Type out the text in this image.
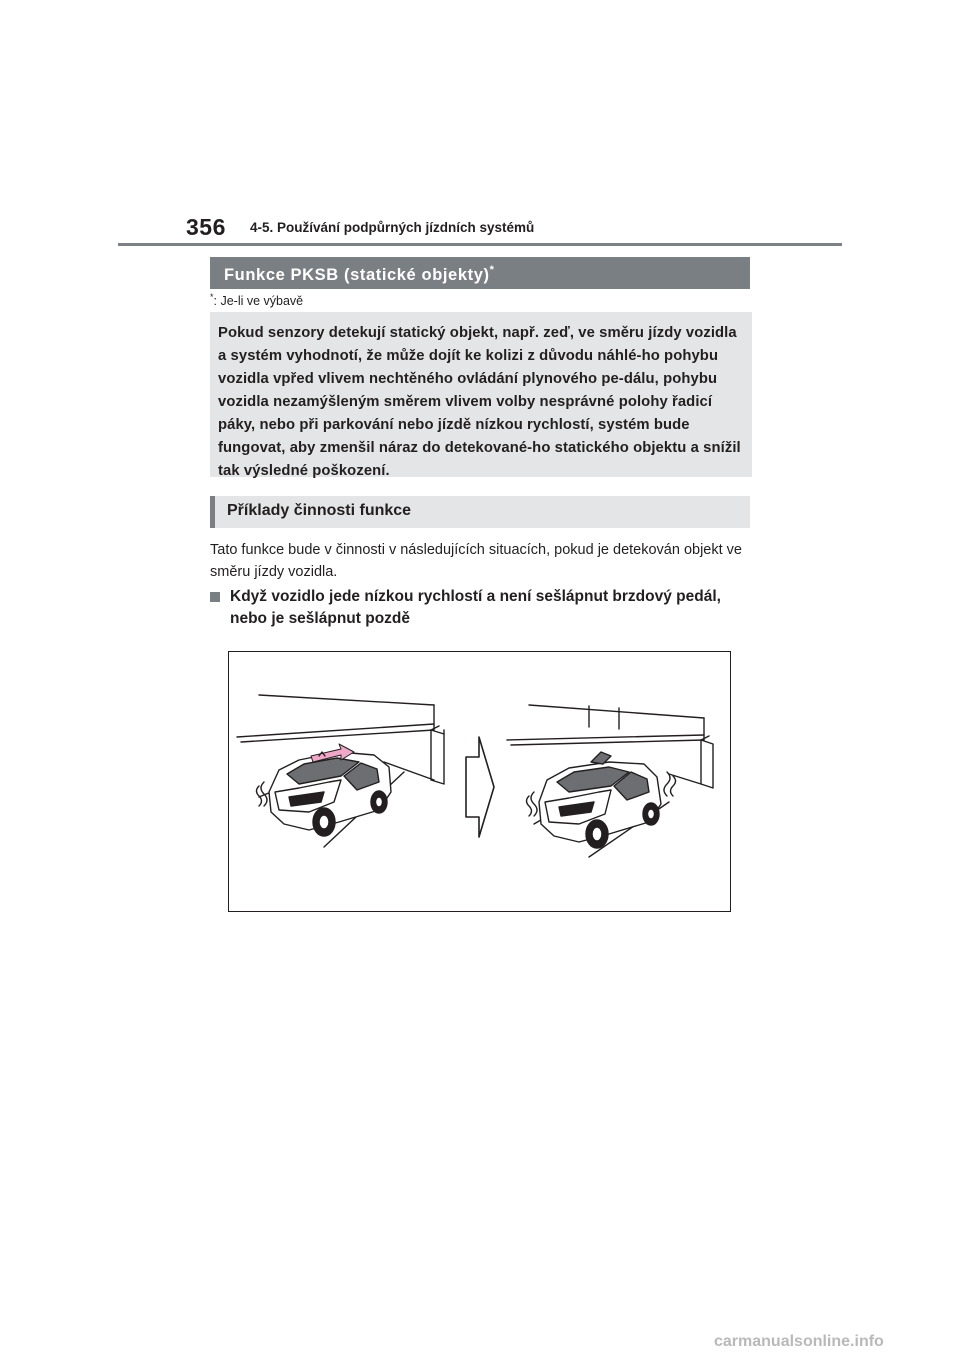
356 4-5. Používání podpůrných jízdních systémů
Funkce PKSB (statické objekty)*
*: Je-li ve výbavě
Pokud senzory detekují statický objekt, např. zeď, ve směru jízdy vozidla a systém vyhodnotí, že může dojít ke kolizi z důvodu náhlé-ho pohybu vozidla vpřed vlivem nechtěného ovládání plynového pe-dálu, pohybu vozidla nezamýšleným směrem vlivem volby nesprávné polohy řadicí páky, nebo při parkování nebo jízdě nízkou rychlostí, systém bude fungovat, aby zmenšil náraz do detekované-ho statického objektu a snížil tak výsledné poškození.
Příklady činnosti funkce
Tato funkce bude v činnosti v následujících situacích, pokud je detekován objekt ve směru jízdy vozidla.
Když vozidlo jede nízkou rychlostí a není sešlápnut brzdový pedál, nebo je sešlápnut pozdě
carmanualsonline.info
